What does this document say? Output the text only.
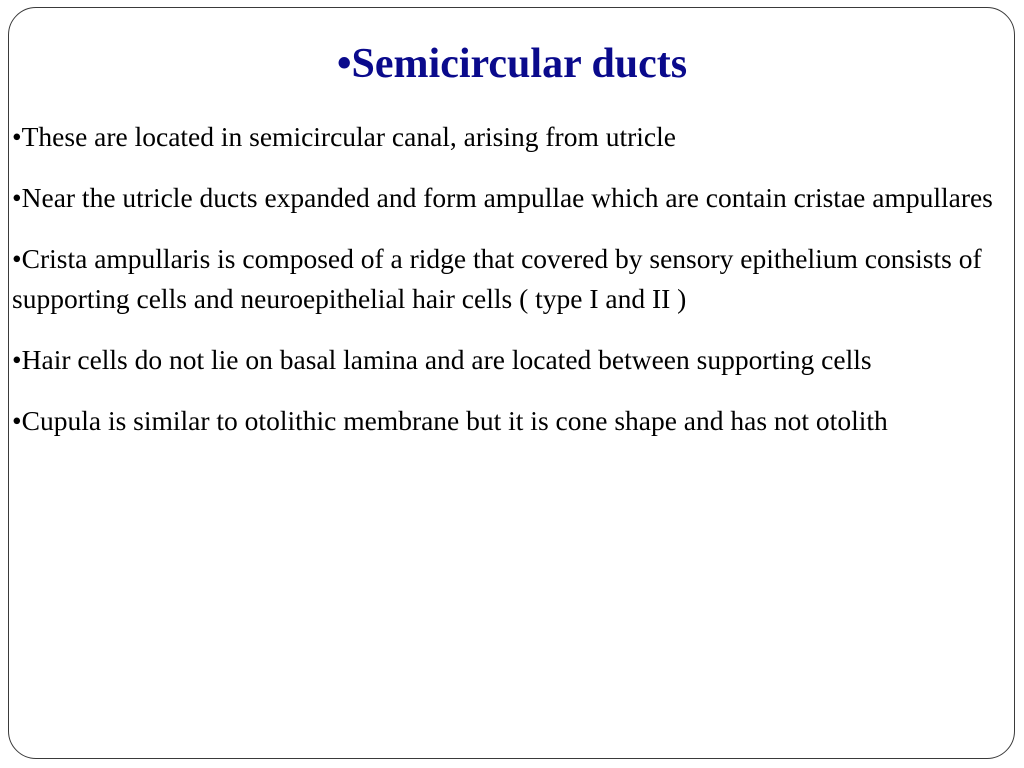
•Semicircular ducts
•These are located in semicircular canal, arising from utricle
•Near the utricle ducts expanded and form ampullae which are contain cristae ampullares
•Crista ampullaris is composed of a ridge that covered by sensory epithelium consists of supporting cells and neuroepithelial hair cells ( type I and II )
•Hair cells do not lie on basal lamina and are located between supporting cells
•Cupula is similar to otolithic membrane but it is cone shape and has not otolith
